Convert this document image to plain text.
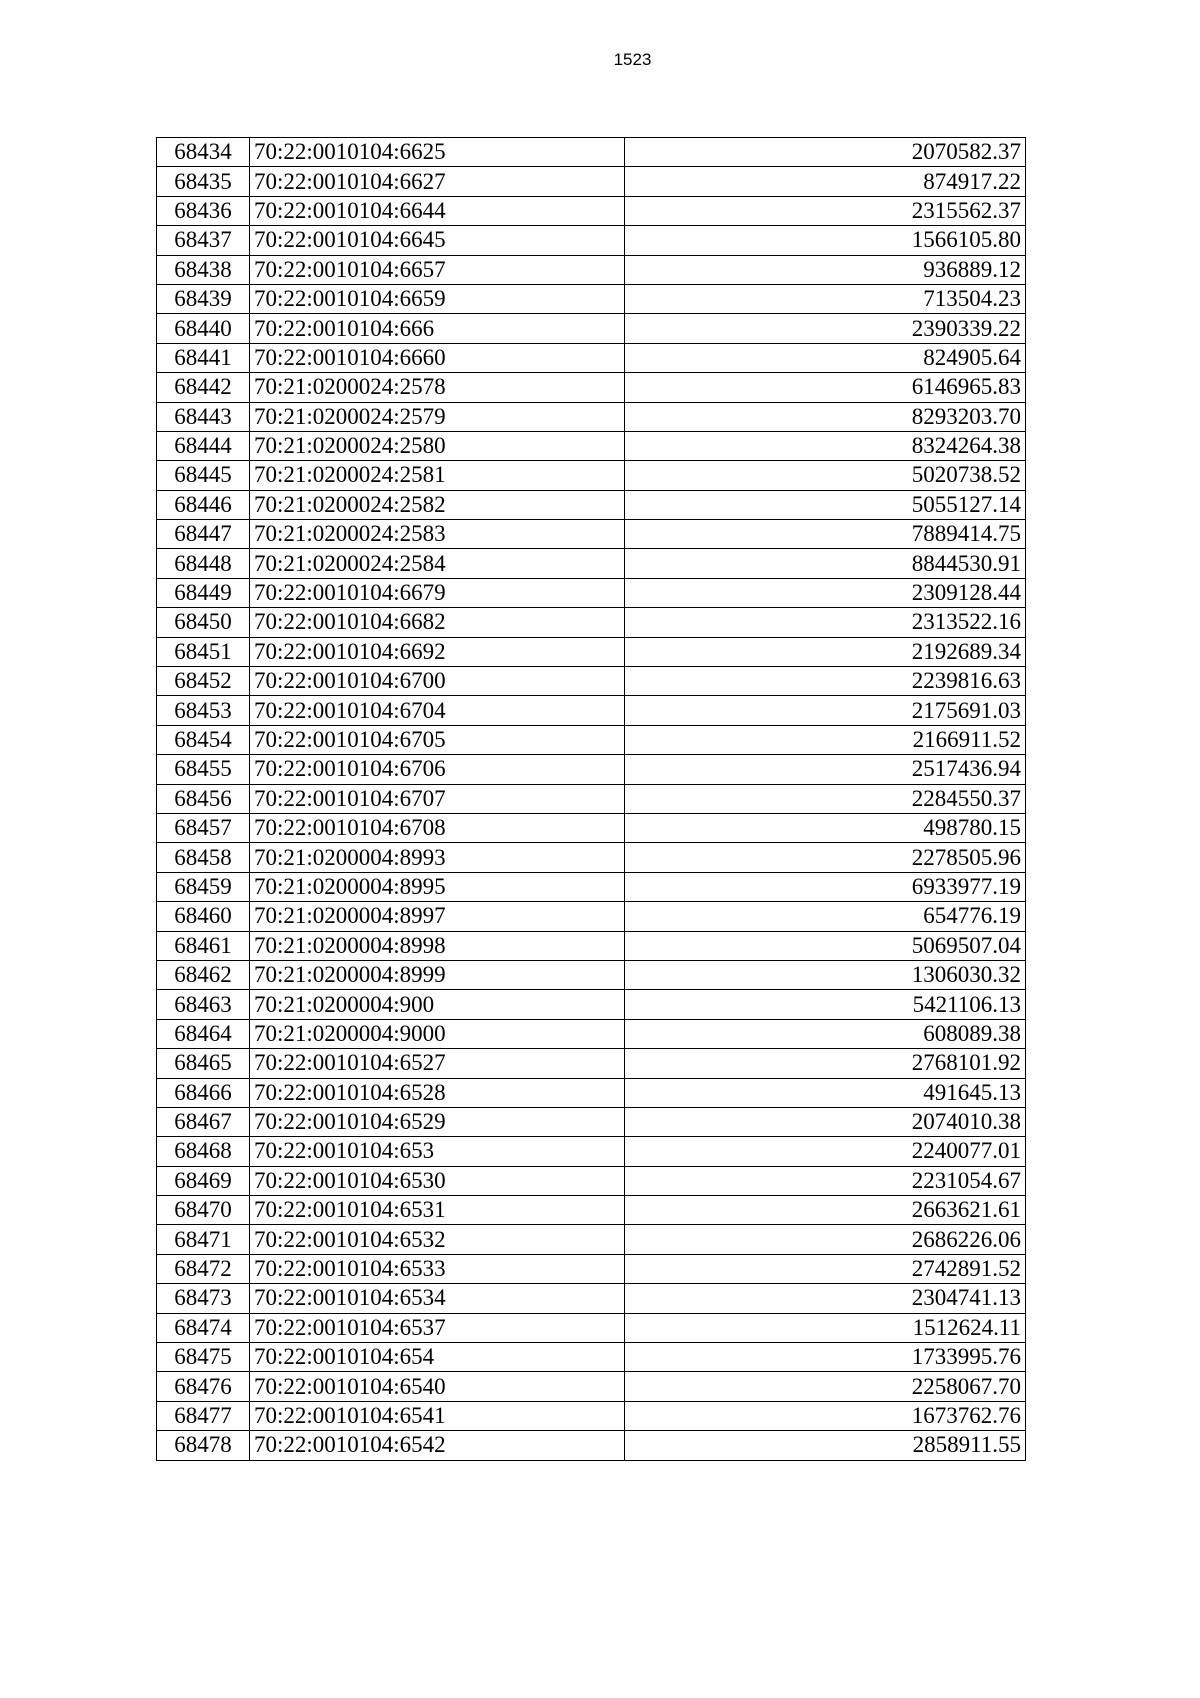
1523
68434	70:22:0010104:6625	2070582.37
68435	70:22:0010104:6627	874917.22
68436	70:22:0010104:6644	2315562.37
68437	70:22:0010104:6645	1566105.80
68438	70:22:0010104:6657	936889.12
68439	70:22:0010104:6659	713504.23
68440	70:22:0010104:666	2390339.22
68441	70:22:0010104:6660	824905.64
68442	70:21:0200024:2578	6146965.83
68443	70:21:0200024:2579	8293203.70
68444	70:21:0200024:2580	8324264.38
68445	70:21:0200024:2581	5020738.52
68446	70:21:0200024:2582	5055127.14
68447	70:21:0200024:2583	7889414.75
68448	70:21:0200024:2584	8844530.91
68449	70:22:0010104:6679	2309128.44
68450	70:22:0010104:6682	2313522.16
68451	70:22:0010104:6692	2192689.34
68452	70:22:0010104:6700	2239816.63
68453	70:22:0010104:6704	2175691.03
68454	70:22:0010104:6705	2166911.52
68455	70:22:0010104:6706	2517436.94
68456	70:22:0010104:6707	2284550.37
68457	70:22:0010104:6708	498780.15
68458	70:21:0200004:8993	2278505.96
68459	70:21:0200004:8995	6933977.19
68460	70:21:0200004:8997	654776.19
68461	70:21:0200004:8998	5069507.04
68462	70:21:0200004:8999	1306030.32
68463	70:21:0200004:900	5421106.13
68464	70:21:0200004:9000	608089.38
68465	70:22:0010104:6527	2768101.92
68466	70:22:0010104:6528	491645.13
68467	70:22:0010104:6529	2074010.38
68468	70:22:0010104:653	2240077.01
68469	70:22:0010104:6530	2231054.67
68470	70:22:0010104:6531	2663621.61
68471	70:22:0010104:6532	2686226.06
68472	70:22:0010104:6533	2742891.52
68473	70:22:0010104:6534	2304741.13
68474	70:22:0010104:6537	1512624.11
68475	70:22:0010104:654	1733995.76
68476	70:22:0010104:6540	2258067.70
68477	70:22:0010104:6541	1673762.76
68478	70:22:0010104:6542	2858911.55
